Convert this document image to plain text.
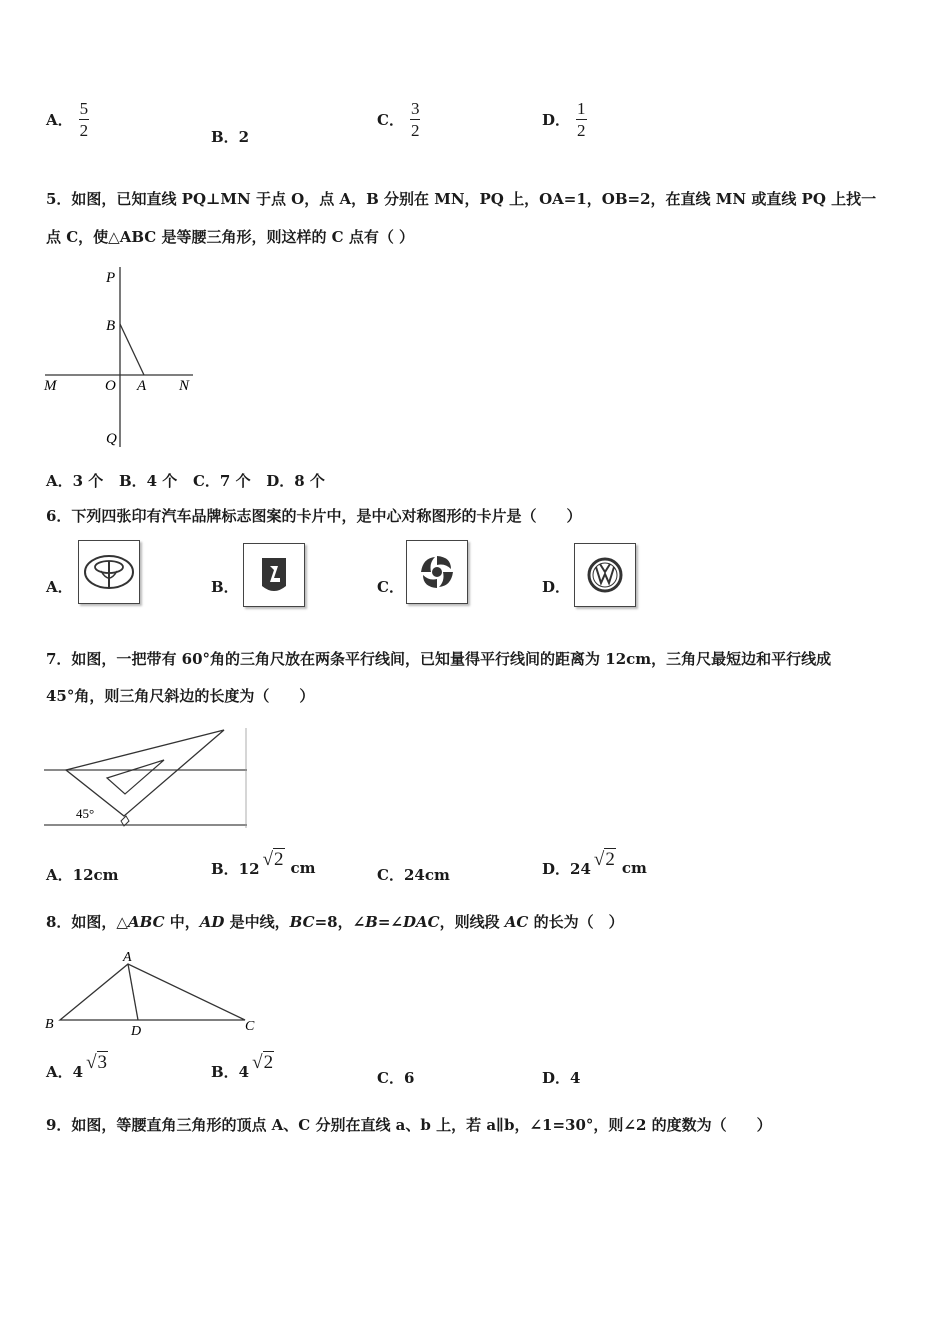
A． $\frac{5}{2}$	B．2
C． $\frac{3}{2}$	D． $\frac{1}{2}$
5．如图，已知直线 PQ⊥MN 于点 O，点 A，B 分别在 MN，PQ 上，OA=1，OB=2，在直线 MN 或直线 PQ 上找一
点 C，使△ABC 是等腰三角形，则这样的 C 点有（ ）
P
B
M	O A N
Q
A．3 个   B．4 个   C．7 个   D．8 个
6．下列四张印有汽车品牌标志图案的卡片中，是中心对称图形的卡片是（　　）
A．	B．	C．	D．
7．如图，一把带有 60°角的三角尺放在两条平行线间，已知量得平行线间的距离为 12cm，三角尺最短边和平行线成
45°角，则三角尺斜边的长度为（　　）
45°
A．12cm	B．12 √2 cm	C．24cm	D．24 √2 cm
8．如图，△ABC 中，AD 是中线，BC=8，∠B=∠DAC，则线段 AC 的长为（　）
A
B	D	C
A．4 √3	B．4 √2
C．6	D．4
9．如图，等腰直角三角形的顶点 A、C 分别在直线 a、b 上，若 a∥b，∠1=30°，则∠2 的度数为（　　）
